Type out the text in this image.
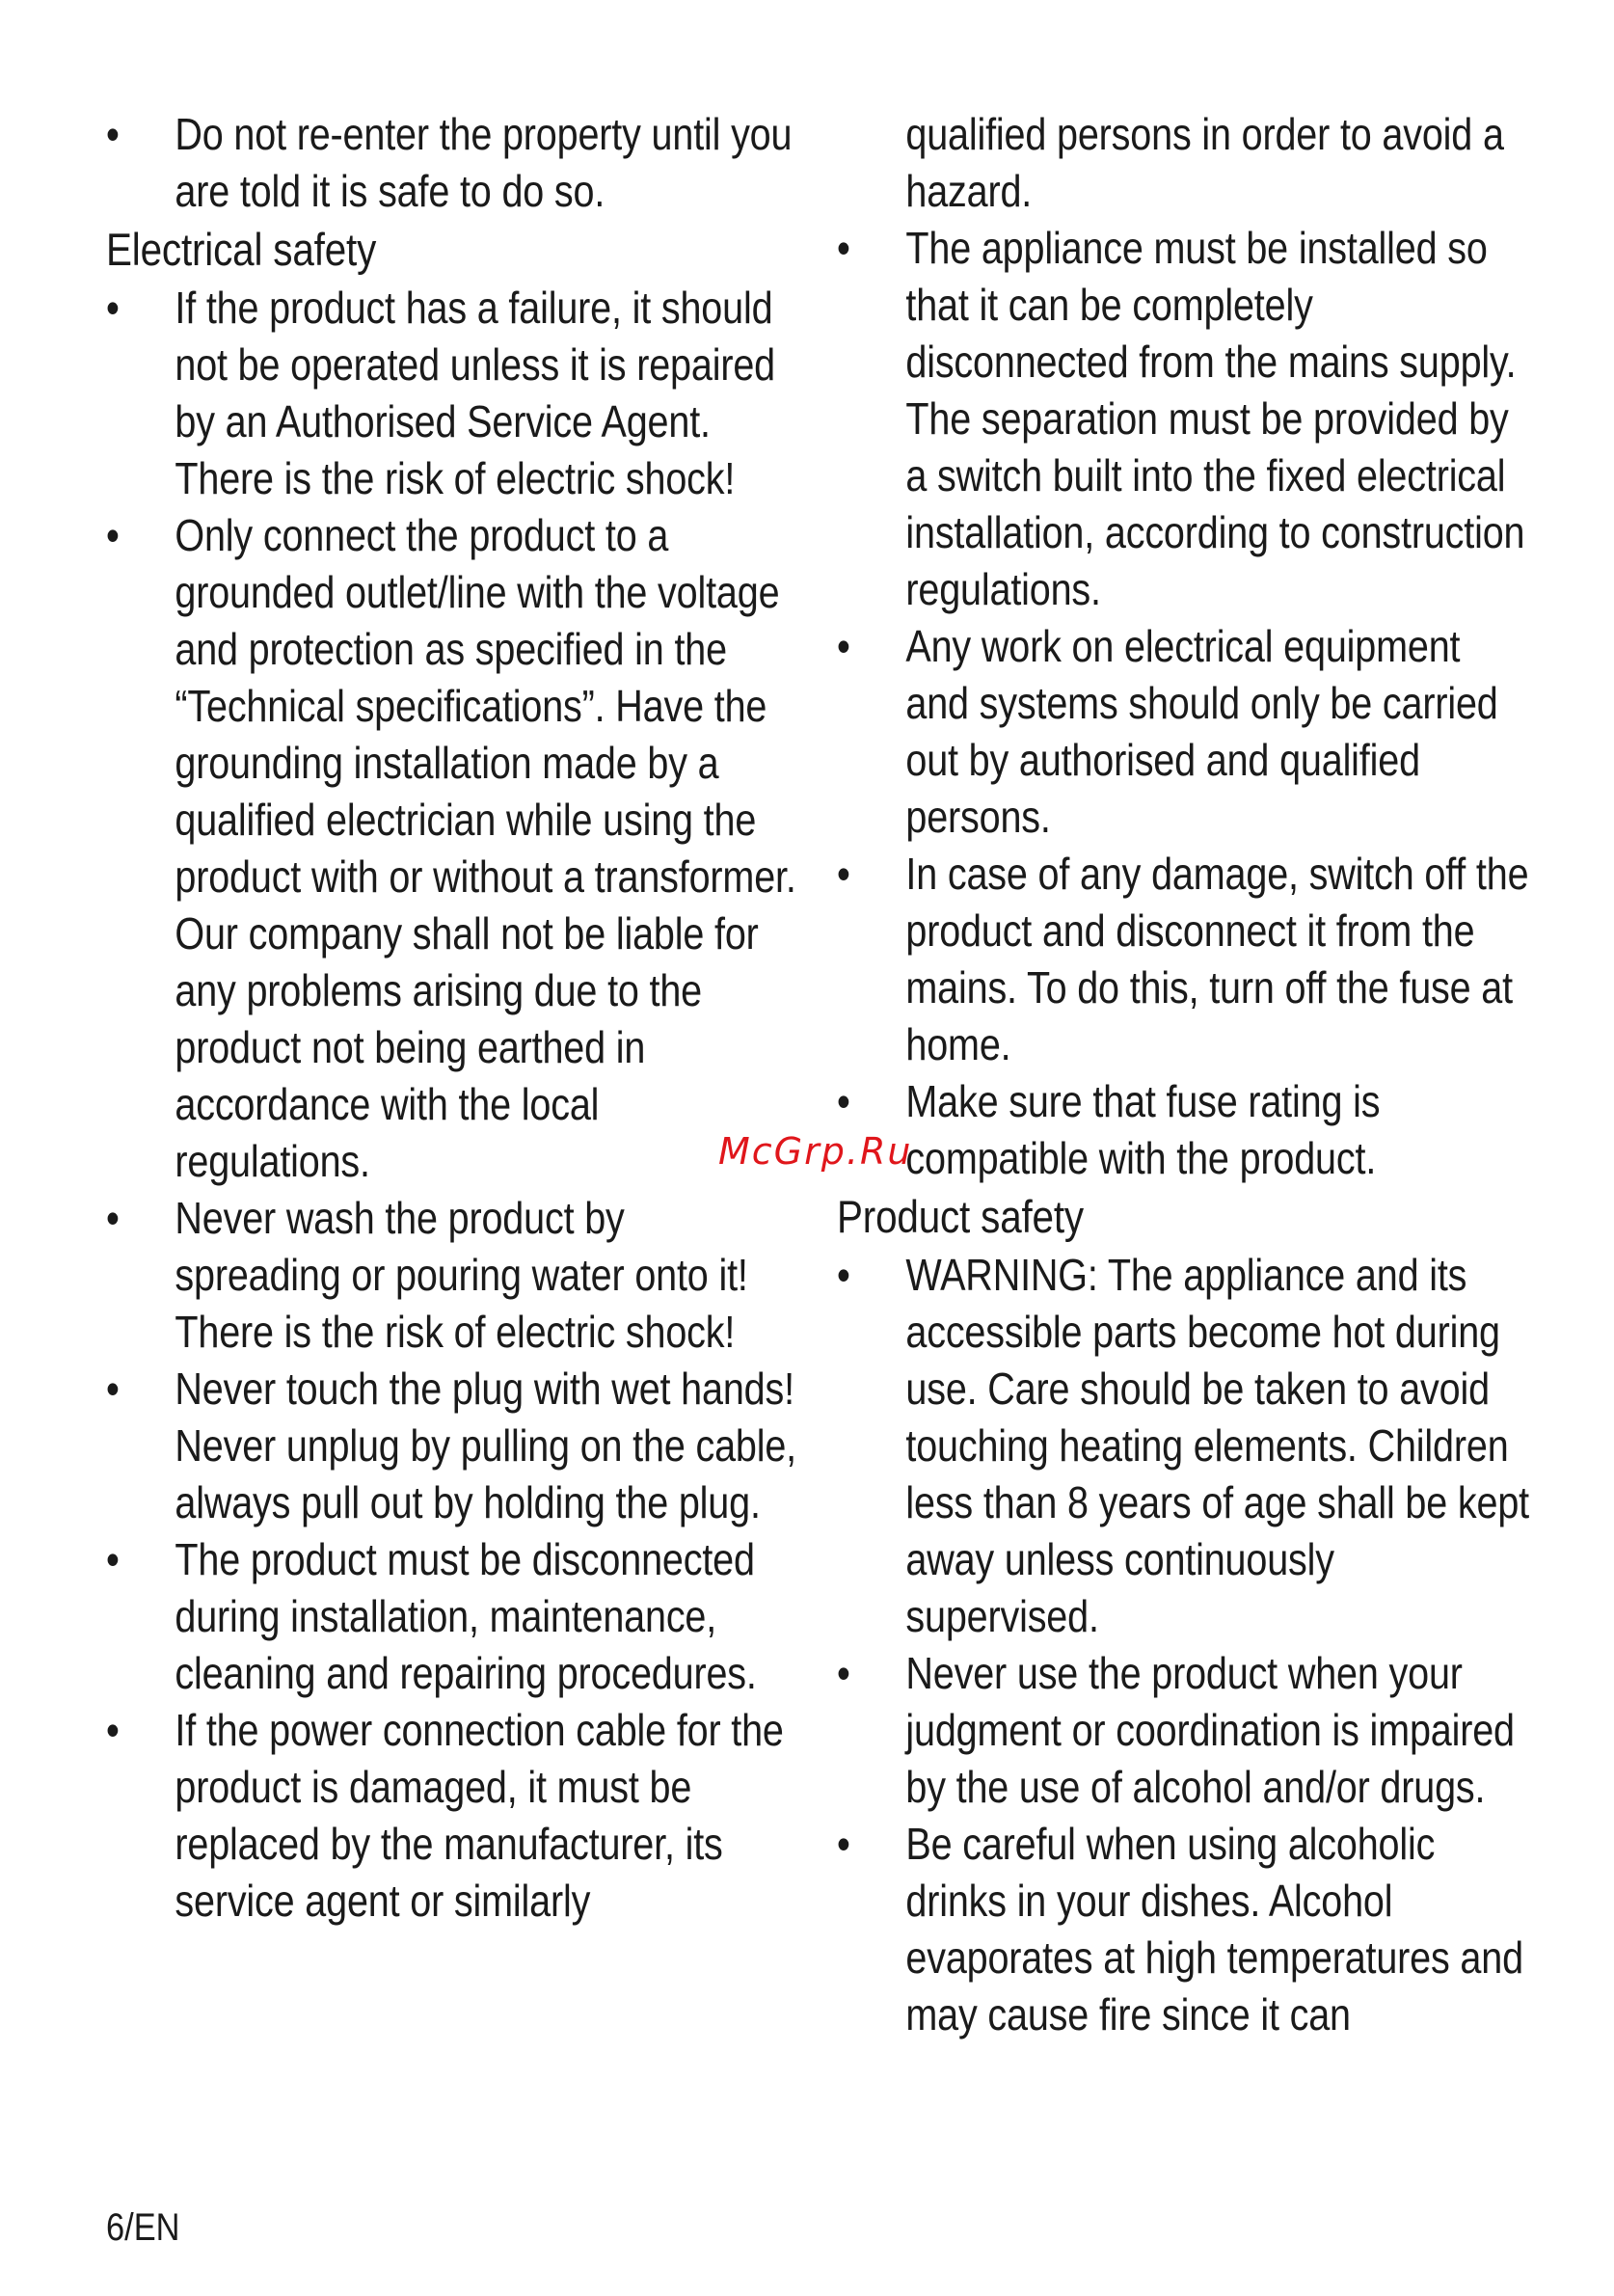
• Do not re-enter the property until you are told it is safe to do so.
Electrical safety
• If the product has a failure, it should not be operated unless it is repaired by an Authorised Service Agent. There is the risk of electric shock!
• Only connect the product to a grounded outlet/line with the voltage and protection as specified in the “Technical specifications”. Have the grounding installation made by a qualified electrician while using the product with or without a transformer. Our company shall not be liable for any problems arising due to the product not being earthed in accordance with the local regulations.
• Never wash the product by spreading or pouring water onto it! There is the risk of electric shock!
• Never touch the plug with wet hands! Never unplug by pulling on the cable, always pull out by holding the plug.
• The product must be disconnected during installation, maintenance, cleaning and repairing procedures.
• If the power connection cable for the product is damaged, it must be replaced by the manufacturer, its service agent or similarly
qualified persons in order to avoid a hazard.
• The appliance must be installed so that it can be completely disconnected from the mains supply. The separation must be provided by a switch built into the fixed electrical installation, according to construction regulations.
• Any work on electrical equipment and systems should only be carried out by authorised and qualified persons.
• In case of any damage, switch off the product and disconnect it from the mains. To do this, turn off the fuse at home.
• Make sure that fuse rating is compatible with the product.
Product safety
• WARNING: The appliance and its accessible parts become hot during use. Care should be taken to avoid touching heating elements. Children less than 8 years of age shall be kept away unless continuously supervised.
• Never use the product when your judgment or coordination is impaired by the use of alcohol and/or drugs.
• Be careful when using alcoholic drinks in your dishes. Alcohol evaporates at high temperatures and may cause fire since it can
McGrp.Ru
6/EN
